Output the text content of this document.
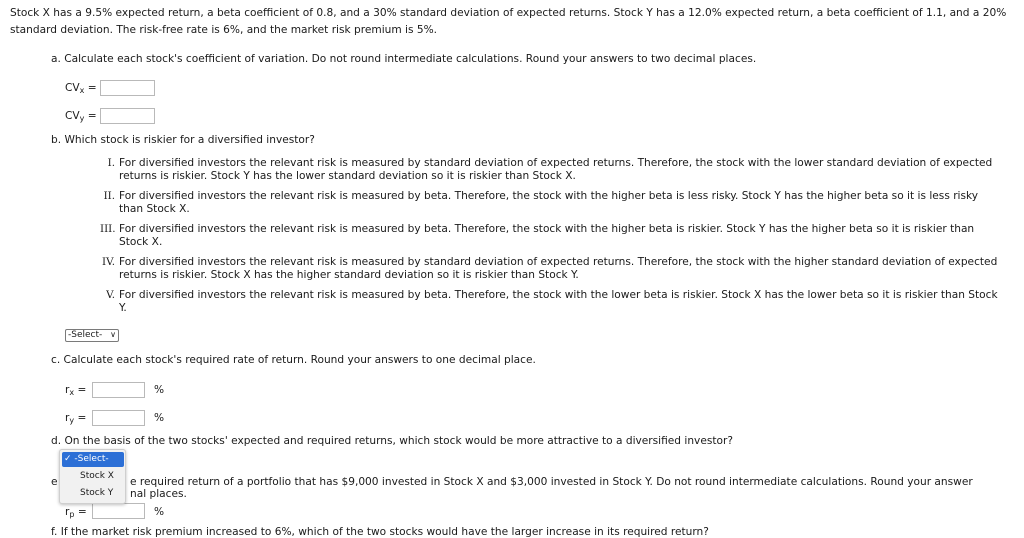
Stock X has a 9.5% expected return, a beta coefficient of 0.8, and a 30% standard deviation of expected returns. Stock Y has a 12.0% expected return, a beta coefficient of 1.1, and a 20% standard deviation. The risk-free rate is 6%, and the market risk premium is 5%.
a. Calculate each stock's coefficient of variation. Do not round intermediate calculations. Round your answers to two decimal places.
$CV_x$ =
$CV_y$ =
b. Which stock is riskier for a diversified investor?
I. For diversified investors the relevant risk is measured by standard deviation of expected returns. Therefore, the stock with the lower standard deviation of expected returns is riskier. Stock Y has the lower standard deviation so it is riskier than Stock X.
II. For diversified investors the relevant risk is measured by beta. Therefore, the stock with the higher beta is less risky. Stock Y has the higher beta so it is less risky than Stock X.
III. For diversified investors the relevant risk is measured by beta. Therefore, the stock with the higher beta is riskier. Stock Y has the higher beta so it is riskier than Stock X.
IV. For diversified investors the relevant risk is measured by standard deviation of expected returns. Therefore, the stock with the higher standard deviation of expected returns is riskier. Stock X has the higher standard deviation so it is riskier than Stock Y.
V. For diversified investors the relevant risk is measured by beta. Therefore, the stock with the lower beta is riskier. Stock X has the lower beta so it is riskier than Stock Y.
-Select- ∨
c. Calculate each stock's required rate of return. Round your answers to one decimal place.
$r_x$ =	%
$r_y$ =	%
d. On the basis of the two stocks' expected and required returns, which stock would be more attractive to a diversified investor?
e	e required return of a portfolio that has $9,000 invested in Stock X and $3,000 invested in Stock Y. Do not round intermediate calculations. Round your answer
nal places.
$r_p$ =	%
f. If the market risk premium increased to 6%, which of the two stocks would have the larger increase in its required return?
✓ -Select-
Stock X
Stock Y
